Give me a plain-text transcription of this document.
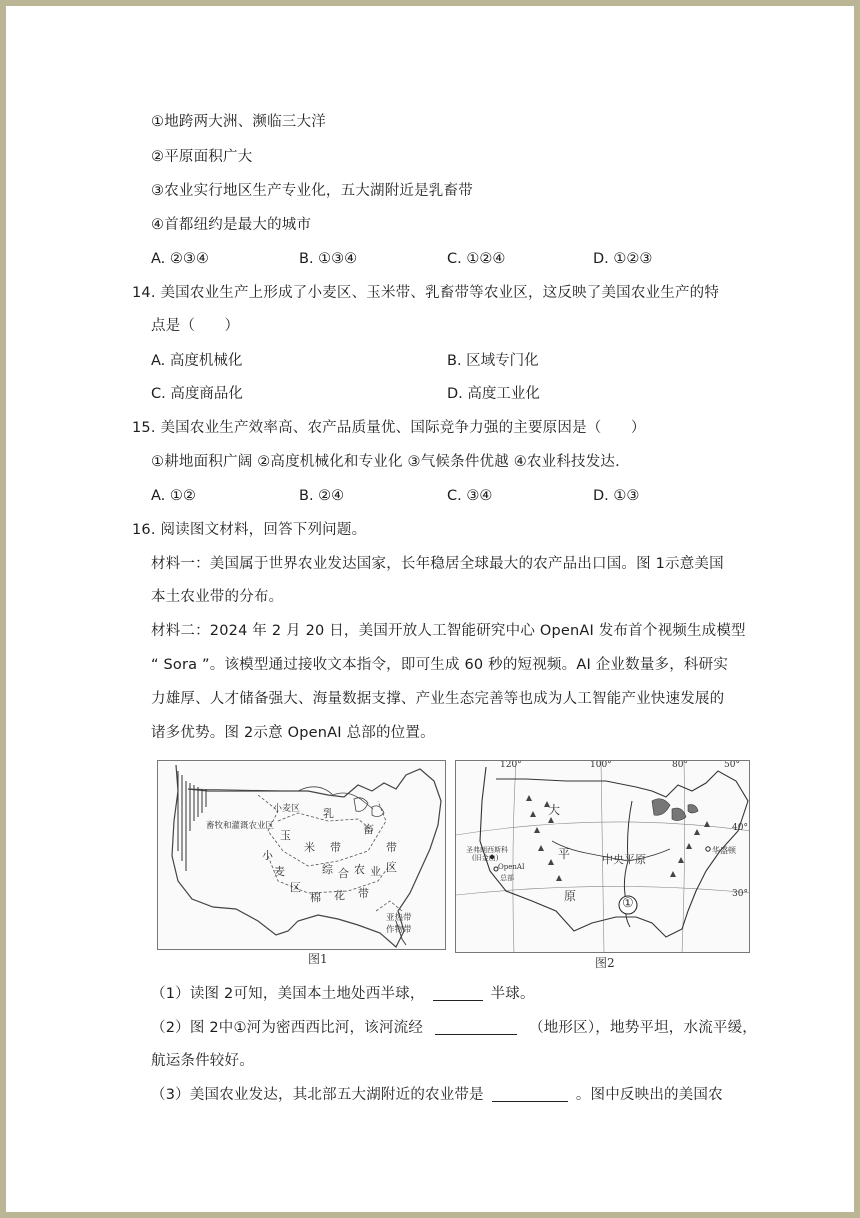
①地跨两大洲、濒临三大洋
②平原面积广大
③农业实行地区生产专业化，五大湖附近是乳畜带
④首都纽约是最大的城市
A. ②③④	B. ①③④	C. ①②④	D. ①②③
14. 美国农业生产上形成了小麦区、玉米带、乳畜带等农业区，这反映了美国农业生产的特
点是（　　）
A. 高度机械化	B. 区域专门化
C. 高度商品化	D. 高度工业化
15. 美国农业生产效率高、农产品质量优、国际竞争力强的主要原因是（　　）
①耕地面积广阔 ②高度机械化和专业化 ③气候条件优越 ④农业科技发达.
A. ①②	B. ②④	C. ③④	D. ①③
16. 阅读图文材料，回答下列问题。
材料一：美国属于世界农业发达国家，长年稳居全球最大的农产品出口国。图 1示意美国
本土农业带的分布。
材料二：2024 年 2 月 20 日，美国开放人工智能研究中心 OpenAI 发布首个视频生成模型
“ Sora ”。该模型通过接收文本指令，即可生成 60 秒的短视频。AI 企业数量多，科研实
力雄厚、人才储备强大、海量数据支撑、产业生态完善等也成为人工智能产业快速发展的
诸多优势。图 2示意 OpenAI 总部的位置。
小麦区 乳
畜
带
畜牧和灌溉农业区
玉
米 带
小
麦
区
综 合 农 业 区
棉 花 带
亚热带
作物带
图1
120°	100°	80°	50°
40°
30°
大
平
原
中央平原
圣弗朗西斯科
(旧金山)
OpenAI
总部
华盛顿
①
图2
（1）读图 2可知，美国本土地处西半球，	半球。
（2）图 2中①河为密西西比河，该河流经	（地形区），地势平坦，水流平缓，
航运条件较好。
（3）美国农业发达，其北部五大湖附近的农业带是	。图中反映出的美国农
